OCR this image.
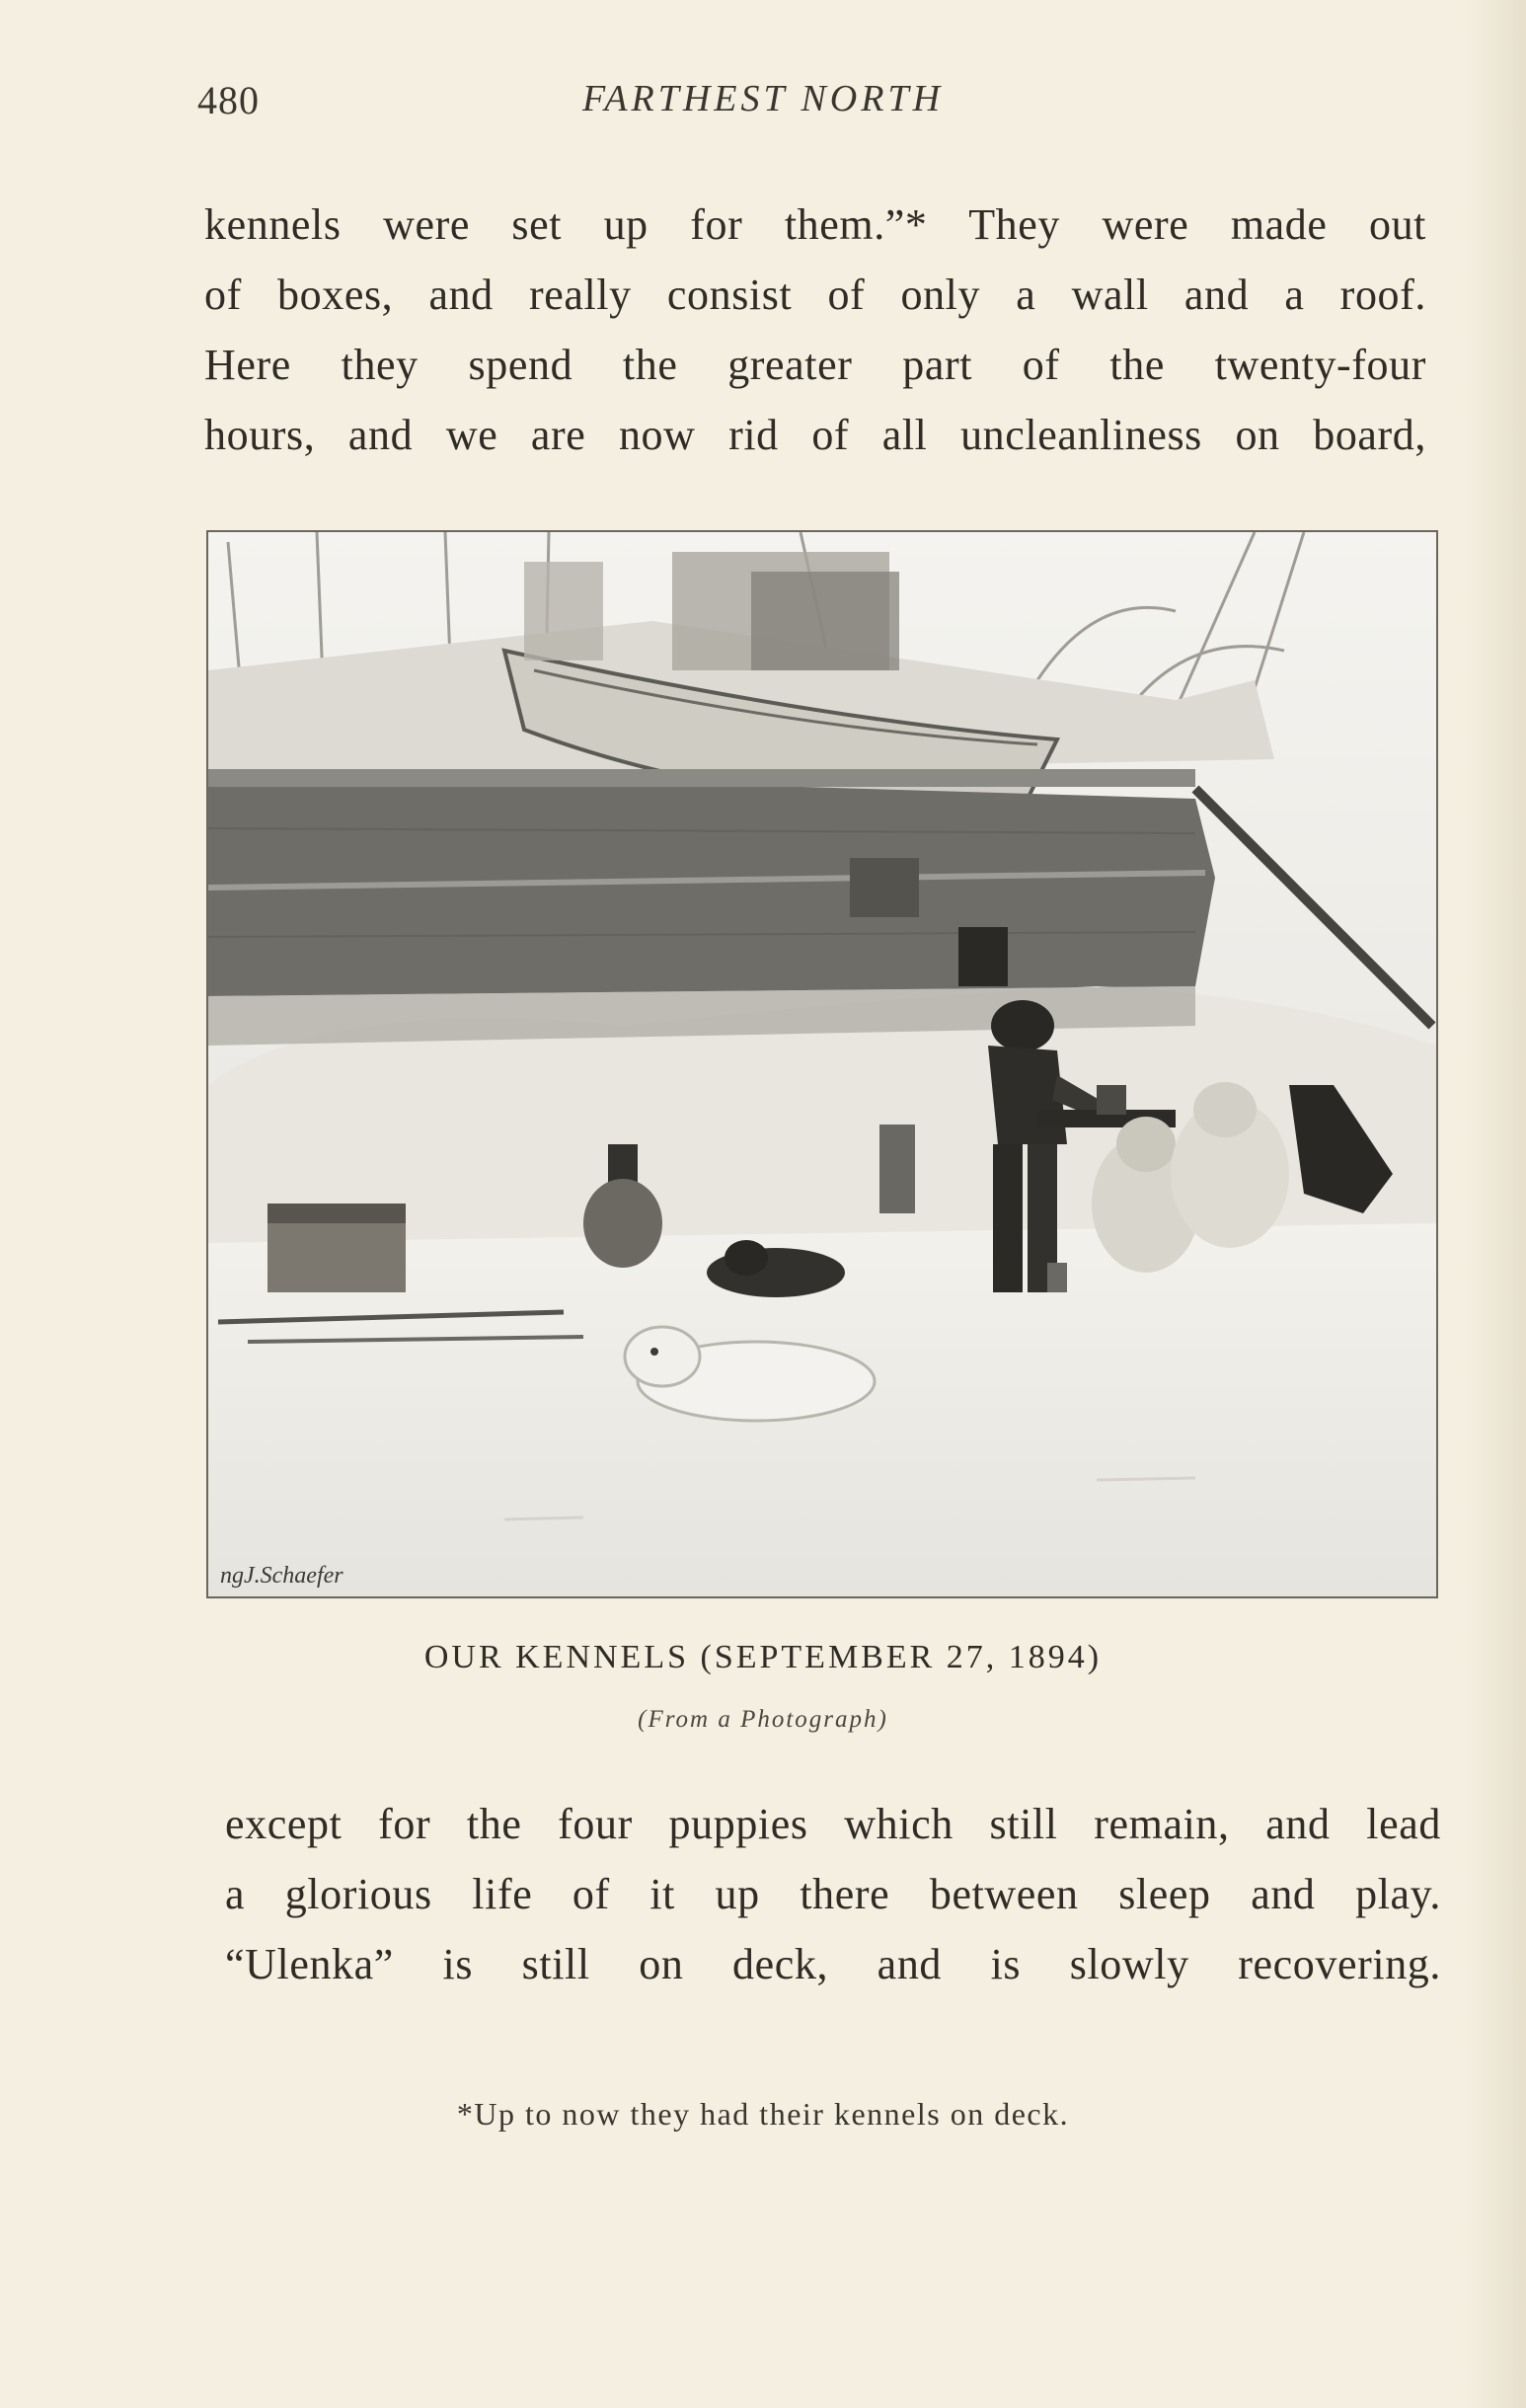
480	FARTHEST NORTH
kennels were set up for them.”* They were made out
of boxes, and really consist of only a wall and a roof.
Here they spend the greater part of the twenty-four
hours, and we are now rid of all uncleanliness on board,
ngJ.Schaefer
OUR KENNELS (SEPTEMBER 27, 1894)
(From a Photograph)
except for the four puppies which still remain, and lead
a glorious life of it up there between sleep and play.
“Ulenka” is still on deck, and is slowly recovering.
*Up to now they had their kennels on deck.
